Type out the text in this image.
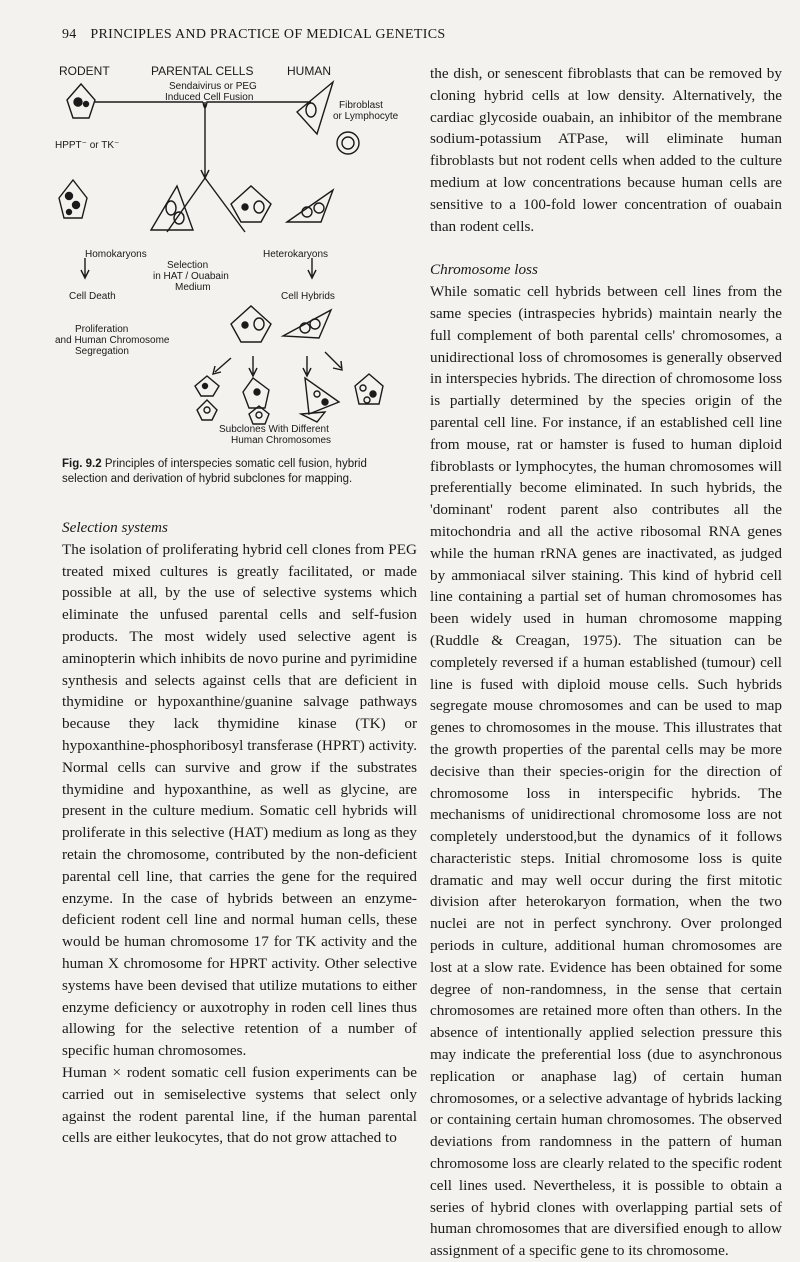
94 PRINCIPLES AND PRACTICE OF MEDICAL GENETICS
RODENT	PARENTAL CELLS	HUMAN
Sendaivirus or PEG
Induced Cell Fusion
Fibroblast
or Lymphocyte
HPPT⁻ or TK⁻
Homokaryons	Heterokaryons
Selection
in HAT / Ouabain
Medium
Cell Death	Cell Hybrids
Proliferation
and Human Chromosome
Segregation
Subclones With Different
Human Chromosomes
Fig. 9.2 Principles of interspecies somatic cell fusion, hybrid selection and derivation of hybrid subclones for mapping.

Selection systems

The isolation of proliferating hybrid cell clones from PEG treated mixed cultures is greatly facilitated, or made possible at all, by the use of selective systems which eliminate the unfused parental cells and self-fusion products. The most widely used selective agent is aminopterin which inhibits de novo purine and pyrimidine synthesis and selects against cells that are deficient in thymidine or hypoxanthine/guanine salvage pathways because they lack thymidine kinase (TK) or hypoxanthine-phosphoribosyl transferase (HPRT) activity. Normal cells can survive and grow if the substrates thymidine and hypoxanthine, as well as glycine, are present in the culture medium. Somatic cell hybrids will proliferate in this selective (HAT) medium as long as they retain the chromosome, contributed by the non-deficient parental cell line, that carries the gene for the required enzyme. In the case of hybrids between an enzyme-deficient rodent cell line and normal human cells, these would be human chromosome 17 for TK activity and the human X chromosome for HPRT activity. Other selective systems have been devised that utilize mutations to either enzyme deficiency or auxotrophy in roden cell lines thus allowing for the selective retention of a number of specific human chromosomes.

Human × rodent somatic cell fusion experiments can be carried out in semiselective systems that select only against the rodent parental line, if the human parental cells are either leukocytes, that do not grow attached to

the dish, or senescent fibroblasts that can be removed by cloning hybrid cells at low density. Alternatively, the cardiac glycoside ouabain, an inhibitor of the membrane sodium-potassium ATPase, will eliminate human fibroblasts but not rodent cells when added to the culture medium at low concentrations because human cells are sensitive to a 100-fold lower concentration of ouabain than rodent cells.

Chromosome loss

While somatic cell hybrids between cell lines from the same species (intraspecies hybrids) maintain nearly the full complement of both parental cells' chromosomes, a unidirectional loss of chromosomes is generally observed in interspecies hybrids. The direction of chromosome loss is partially determined by the species origin of the parental cell line. For instance, if an established cell line from mouse, rat or hamster is fused to human diploid fibroblasts or lymphocytes, the human chromosomes will preferentially become eliminated. In such hybrids, the 'dominant' rodent parent also contributes all the mitochondria and all the active ribosomal RNA genes while the human rRNA genes are inactivated, as judged by ammoniacal silver staining. This kind of hybrid cell line containing a partial set of human chromosomes has been widely used in human chromosome mapping (Ruddle & Creagan, 1975). The situation can be completely reversed if a human established (tumour) cell line is fused with diploid mouse cells. Such hybrids segregate mouse chromosomes and can be used to map genes to chromosomes in the mouse. This illustrates that the growth properties of the parental cells may be more decisive than their species-origin for the direction of chromosome loss in interspecific hybrids. The mechanisms of unidirectional chromosome loss are not completely understood,but the dynamics of it follows characteristic steps. Initial chromosome loss is quite dramatic and may well occur during the first mitotic division after heterokaryon formation, when the two nuclei are not in perfect synchrony. Over prolonged periods in culture, additional human chromosomes are lost at a slow rate. Evidence has been obtained for some degree of non-randomness, in the sense that certain chromosomes are retained more often than others. In the absence of intentionally applied selection pressure this may indicate the preferential loss (due to asynchronous replication or anaphase lag) of certain human chromosomes, or a selective advantage of hybrids lacking or containing certain human chromosomes. The observed deviations from randomness in the pattern of human chromosome loss are clearly related to the specific rodent cell lines used. Nevertheless, it is possible to obtain a series of hybrid clones with overlapping partial sets of human chromosomes that are diversified enough to allow assignment of a specific gene to its chromosome.
